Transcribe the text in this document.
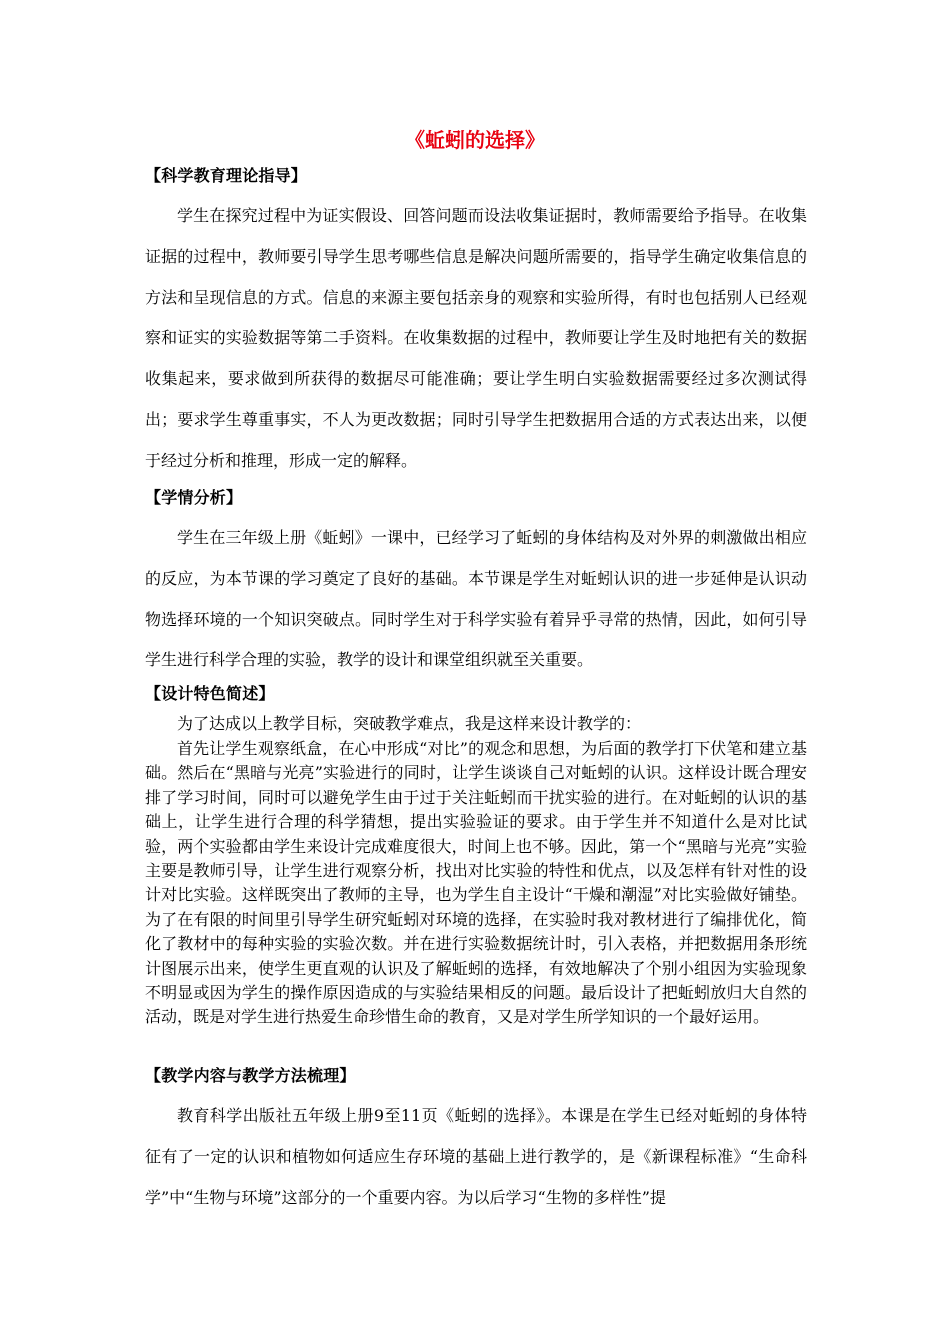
《蚯蚓的选择》
【科学教育理论指导】

学生在探究过程中为证实假设、回答问题而设法收集证据时，教师需要给予指导。在收集证据的过程中，教师要引导学生思考哪些信息是解决问题所需要的，指导学生确定收集信息的方法和呈现信息的方式。信息的来源主要包括亲身的观察和实验所得，有时也包括别人已经观察和证实的实验数据等第二手资料。在收集数据的过程中，教师要让学生及时地把有关的数据收集起来，要求做到所获得的数据尽可能准确；要让学生明白实验数据需要经过多次测试得出；要求学生尊重事实，不人为更改数据；同时引导学生把数据用合适的方式表达出来，以便于经过分析和推理，形成一定的解释。

【学情分析】

学生在三年级上册《蚯蚓》一课中，已经学习了蚯蚓的身体结构及对外界的刺激做出相应的反应，为本节课的学习奠定了良好的基础。本节课是学生对蚯蚓认识的进一步延伸是认识动物选择环境的一个知识突破点。同时学生对于科学实验有着异乎寻常的热情，因此，如何引导学生进行科学合理的实验，教学的设计和课堂组织就至关重要。

【设计特色简述】

为了达成以上教学目标，突破教学难点，我是这样来设计教学的：

首先让学生观察纸盒，在心中形成“对比”的观念和思想，为后面的教学打下伏笔和建立基础。然后在“黑暗与光亮”实验进行的同时，让学生谈谈自己对蚯蚓的认识。这样设计既合理安排了学习时间，同时可以避免学生由于过于关注蚯蚓而干扰实验的进行。在对蚯蚓的认识的基础上，让学生进行合理的科学猜想，提出实验验证的要求。由于学生并不知道什么是对比试验，两个实验都由学生来设计完成难度很大，时间上也不够。因此，第一个“黑暗与光亮”实验主要是教师引导，让学生进行观察分析，找出对比实验的特性和优点，以及怎样有针对性的设计对比实验。这样既突出了教师的主导，也为学生自主设计“干燥和潮湿”对比实验做好铺垫。为了在有限的时间里引导学生研究蚯蚓对环境的选择，在实验时我对教材进行了编排优化，简化了教材中的每种实验的实验次数。并在进行实验数据统计时，引入表格，并把数据用条形统计图展示出来，使学生更直观的认识及了解蚯蚓的选择，有效地解决了个别小组因为实验现象不明显或因为学生的操作原因造成的与实验结果相反的问题。最后设计了把蚯蚓放归大自然的活动，既是对学生进行热爱生命珍惜生命的教育，又是对学生所学知识的一个最好运用。

【教学内容与教学方法梳理】

教育科学出版社五年级上册9至11页《蚯蚓的选择》。本课是在学生已经对蚯蚓的身体特征有了一定的认识和植物如何适应生存环境的基础上进行教学的，是《新课程标准》“生命科学”中“生物与环境”这部分的一个重要内容。为以后学习“生物的多样性”提
